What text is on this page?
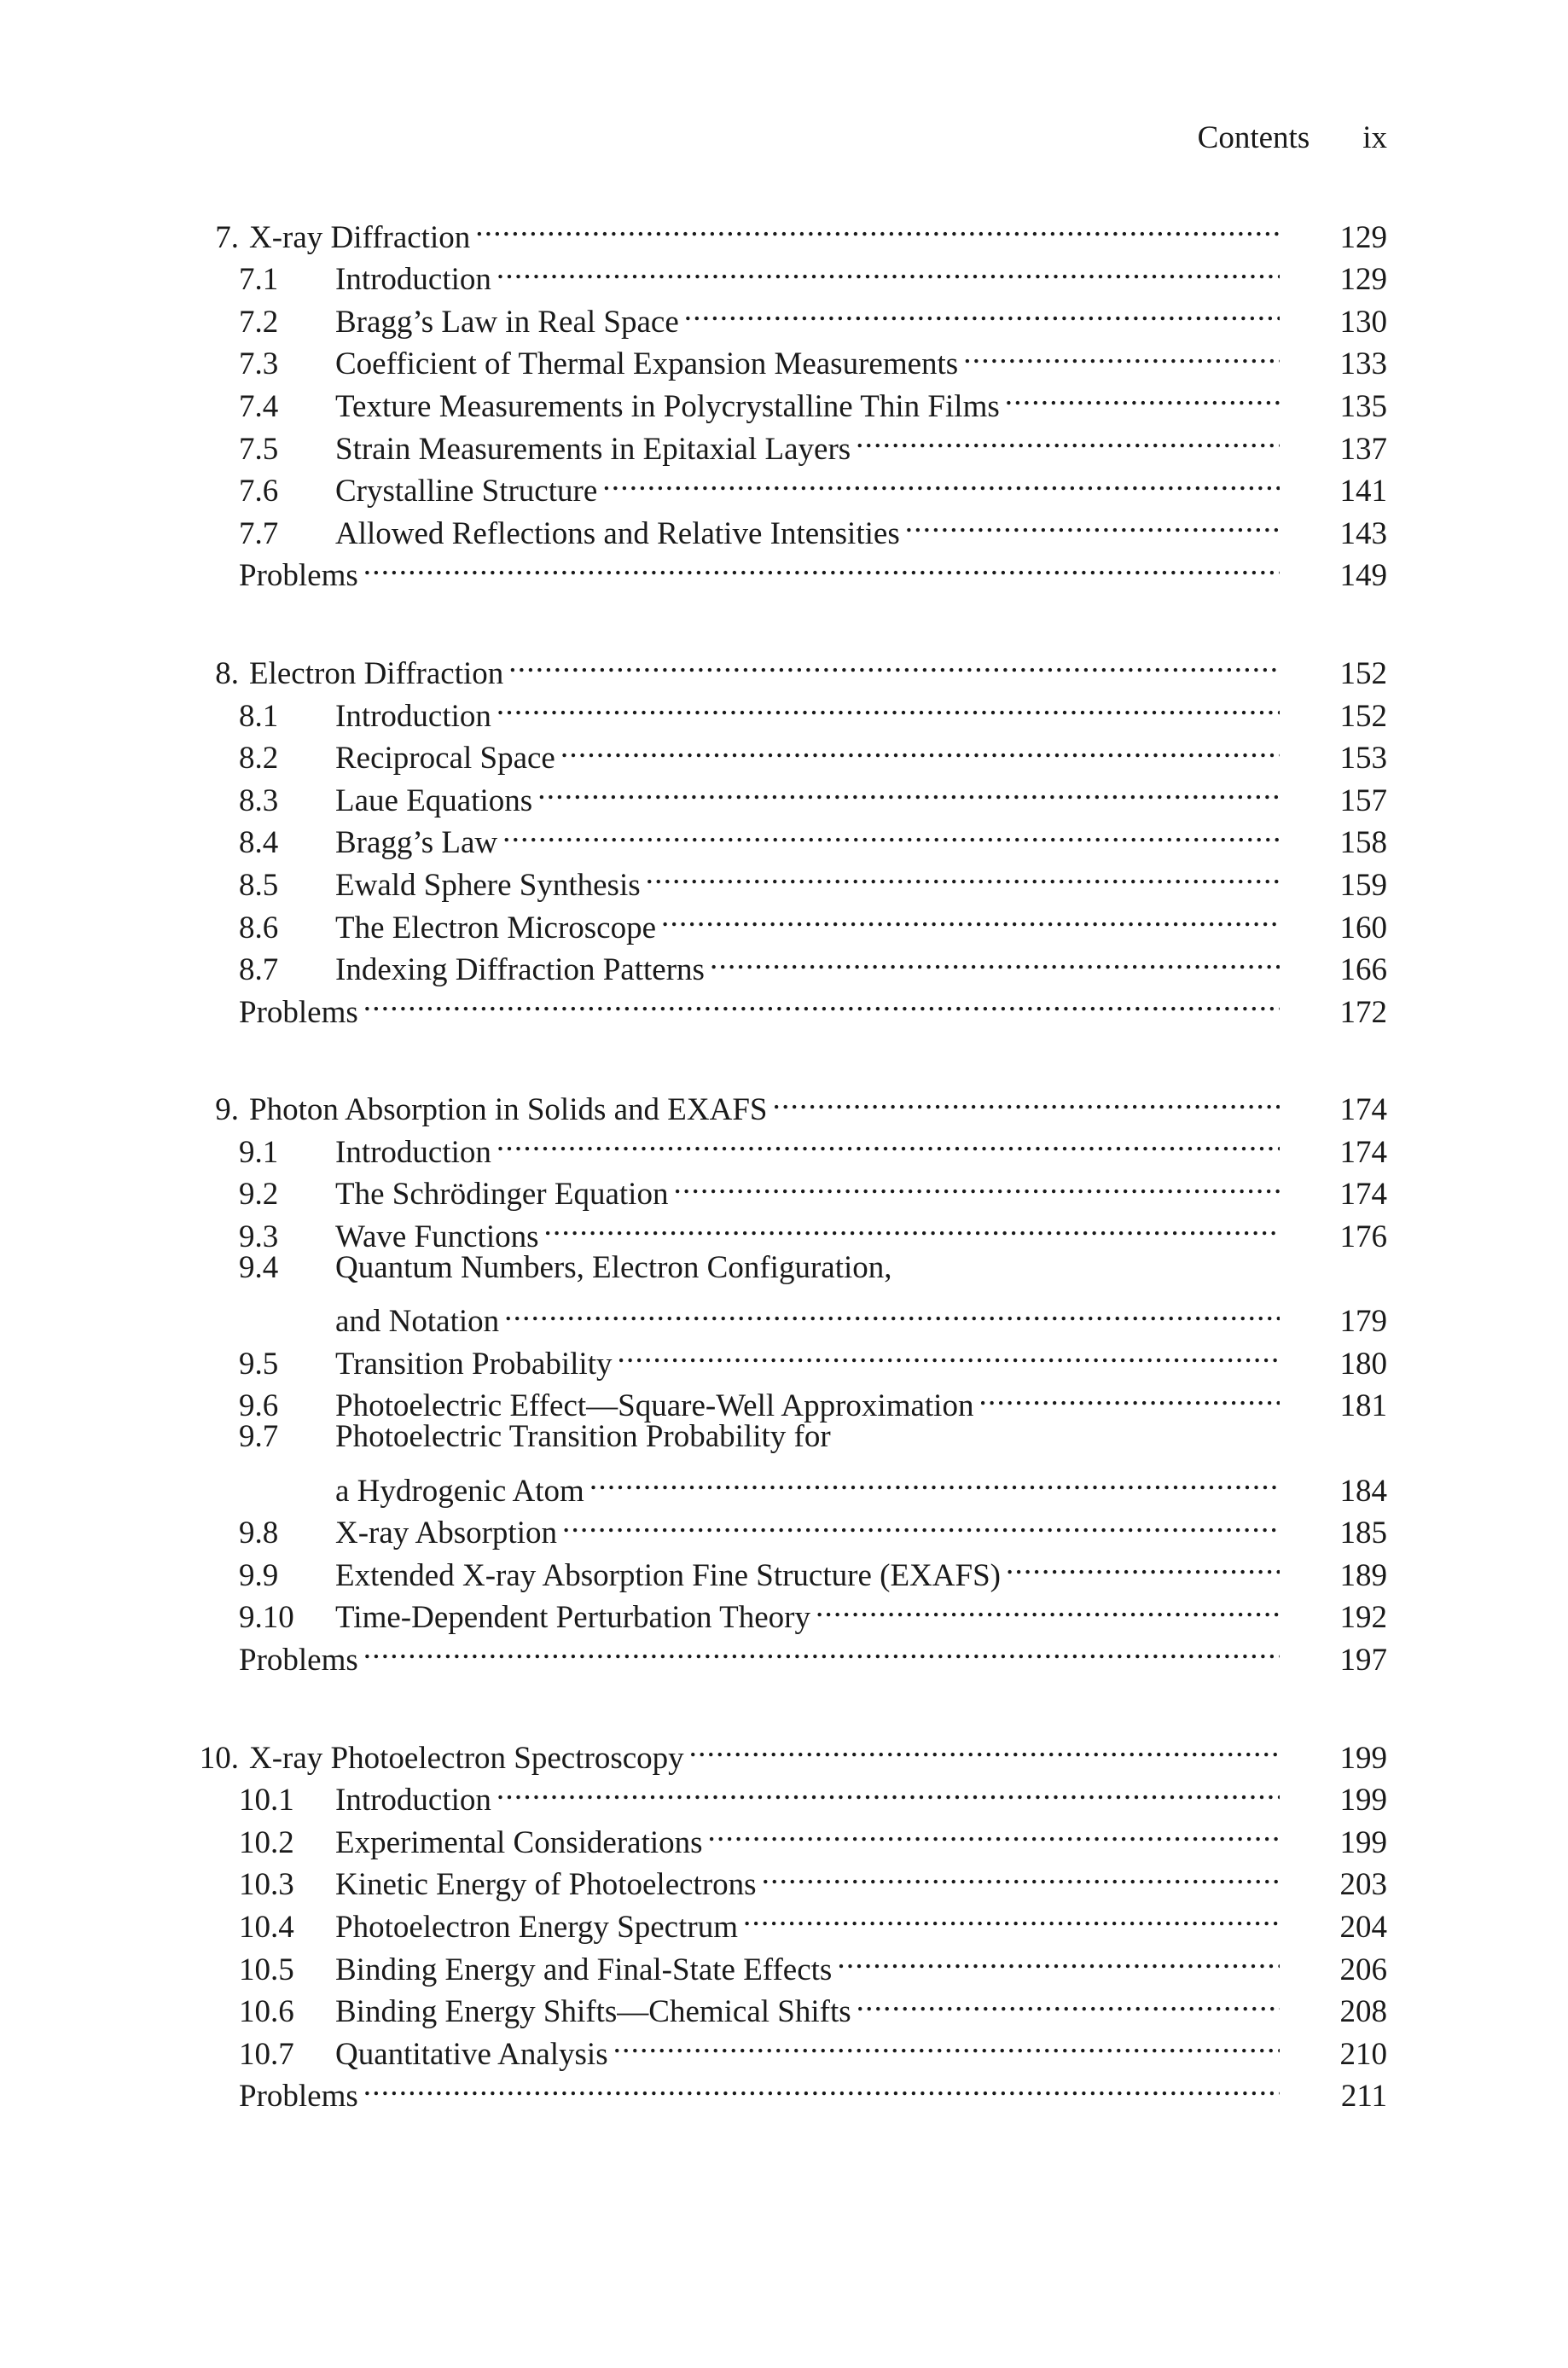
Contents ix
7. X-ray Diffraction . . .	129
7.1	Introduction . . .	129
7.2	Bragg’s Law in Real Space . . .	130
7.3	Coefficient of Thermal Expansion Measurements . . .	133
7.4	Texture Measurements in Polycrystalline Thin Films . . .	135
7.5	Strain Measurements in Epitaxial Layers . . .	137
7.6	Crystalline Structure . . .	141
7.7	Allowed Reflections and Relative Intensities . . .	143
Problems . . .	149
8. Electron Diffraction . . .	152
8.1	Introduction . . .	152
8.2	Reciprocal Space . . .	153
8.3	Laue Equations . . .	157
8.4	Bragg’s Law . . .	158
8.5	Ewald Sphere Synthesis . . .	159
8.6	The Electron Microscope . . .	160
8.7	Indexing Diffraction Patterns . . .	166
Problems . . .	172
9. Photon Absorption in Solids and EXAFS . . .	174
9.1	Introduction . . .	174
9.2	The Schrödinger Equation . . .	174
9.3	Wave Functions . . .	176
9.4	Quantum Numbers, Electron Configuration,
and Notation . . .	179
9.5	Transition Probability . . .	180
9.6	Photoelectric Effect—Square-Well Approximation . . .	181
9.7	Photoelectric Transition Probability for
a Hydrogenic Atom . . .	184
9.8	X-ray Absorption . . .	185
9.9	Extended X-ray Absorption Fine Structure (EXAFS) . . .	189
9.10	Time-Dependent Perturbation Theory . . .	192
Problems . . .	197
10. X-ray Photoelectron Spectroscopy . . .	199
10.1	Introduction . . .	199
10.2	Experimental Considerations . . .	199
10.3	Kinetic Energy of Photoelectrons . . .	203
10.4	Photoelectron Energy Spectrum . . .	204
10.5	Binding Energy and Final-State Effects . . .	206
10.6	Binding Energy Shifts—Chemical Shifts . . .	208
10.7	Quantitative Analysis . . .	210
Problems . . .	211
